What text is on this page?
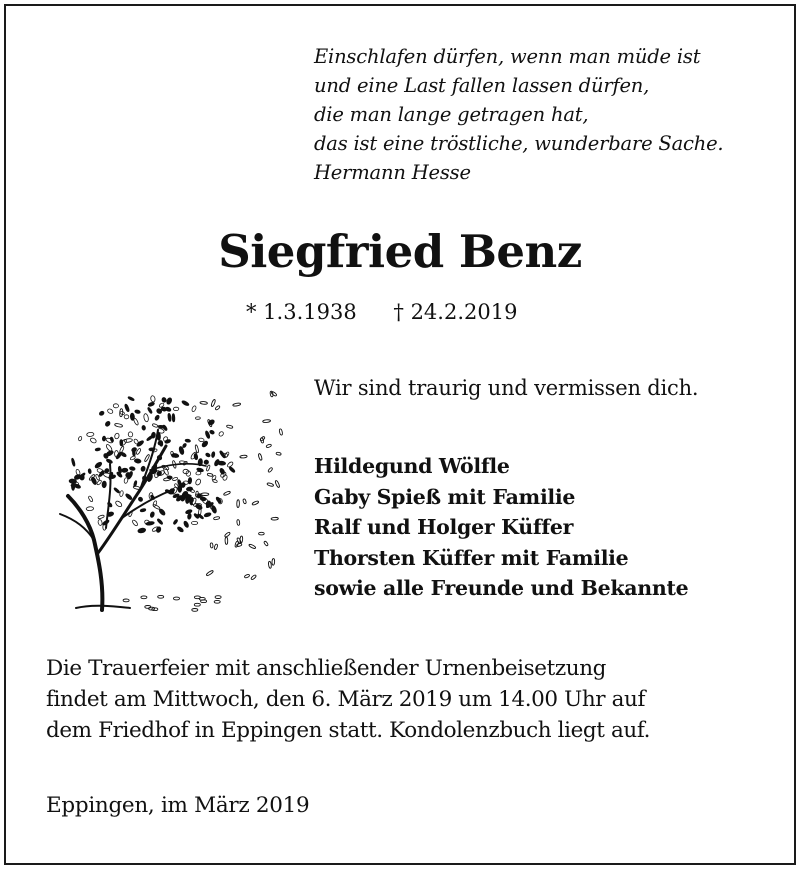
Einschlafen dürfen, wenn man müde ist
und eine Last fallen lassen dürfen,
die man lange getragen hat,
das ist eine tröstliche, wunderbare Sache.
Hermann Hesse
Siegfried Benz
* 1.3.1938 † 24.2.2019
Wir sind traurig und vermissen dich.
Hildegund Wölfle
Gaby Spieß mit Familie
Ralf und Holger Küffer
Thorsten Küffer mit Familie
sowie alle Freunde und Bekannte
Die Trauerfeier mit anschließender Urnenbeisetzung
findet am Mittwoch, den 6. März 2019 um 14.00 Uhr auf
dem Friedhof in Eppingen statt. Kondolenzbuch liegt auf.
Eppingen, im März 2019
